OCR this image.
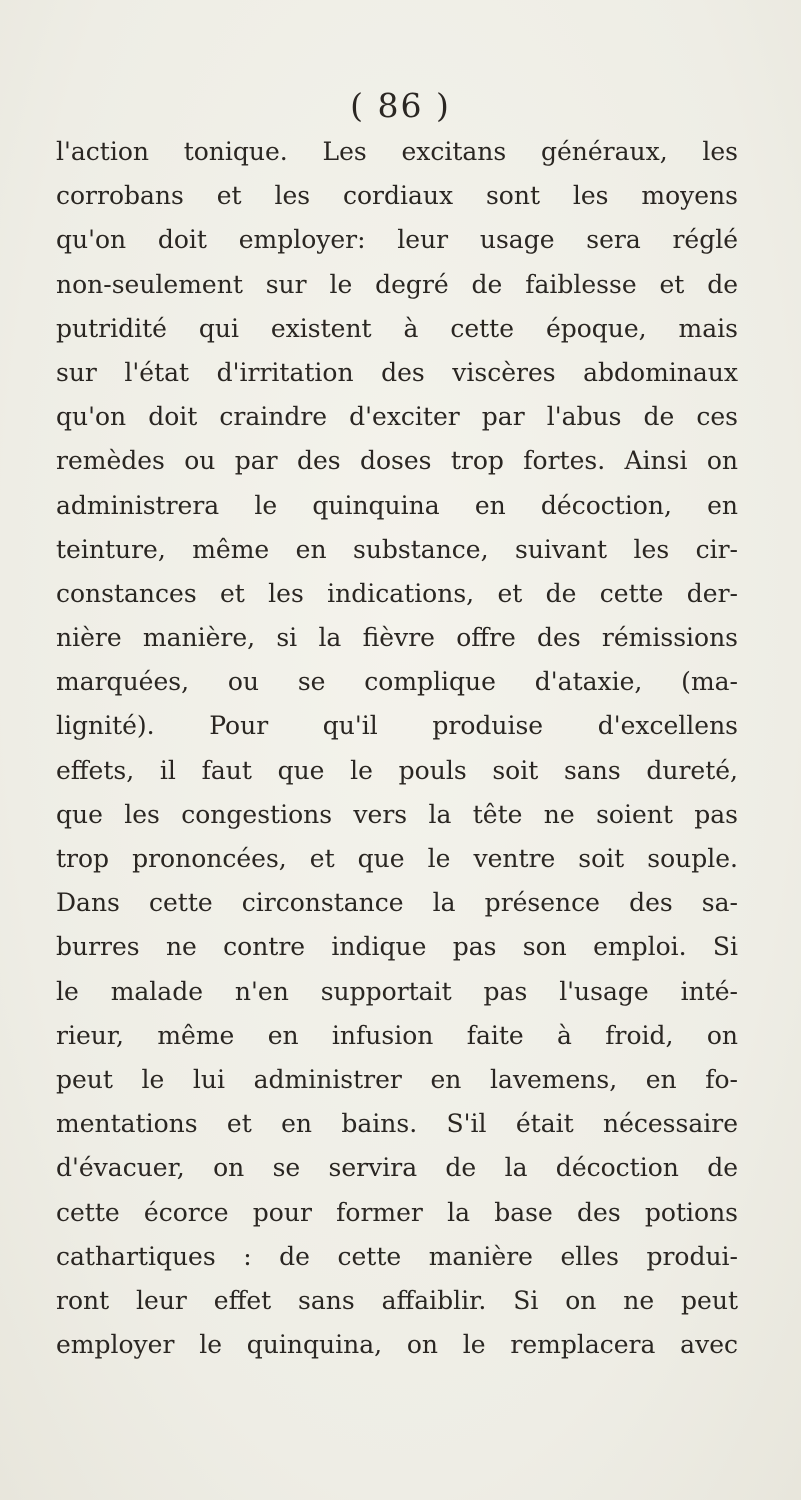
( 86 )
l'action tonique. Les excitans généraux, les
corrobans et les cordiaux sont les moyens
qu'on doit employer: leur usage sera réglé
non-seulement sur le degré de faiblesse et de
putridité qui existent à cette époque, mais
sur l'état d'irritation des viscères abdominaux
qu'on doit craindre d'exciter par l'abus de ces
remèdes ou par des doses trop fortes. Ainsi on
administrera le quinquina en décoction, en
teinture, même en substance, suivant les cir-
constances et les indications, et de cette der-
nière manière, si la fièvre offre des rémissions
marquées, ou se complique d'ataxie, (ma-
lignité). Pour qu'il produise d'excellens
effets, il faut que le pouls soit sans dureté,
que les congestions vers la tête ne soient pas
trop prononcées, et que le ventre soit souple.
Dans cette circonstance la présence des sa-
burres ne contre indique pas son emploi. Si
le malade n'en supportait pas l'usage inté-
rieur, même en infusion faite à froid, on
peut le lui administrer en lavemens, en fo-
mentations et en bains. S'il était nécessaire
d'évacuer, on se servira de la décoction de
cette écorce pour former la base des potions
cathartiques : de cette manière elles produi-
ront leur effet sans affaiblir. Si on ne peut
employer le quinquina, on le remplacera avec
